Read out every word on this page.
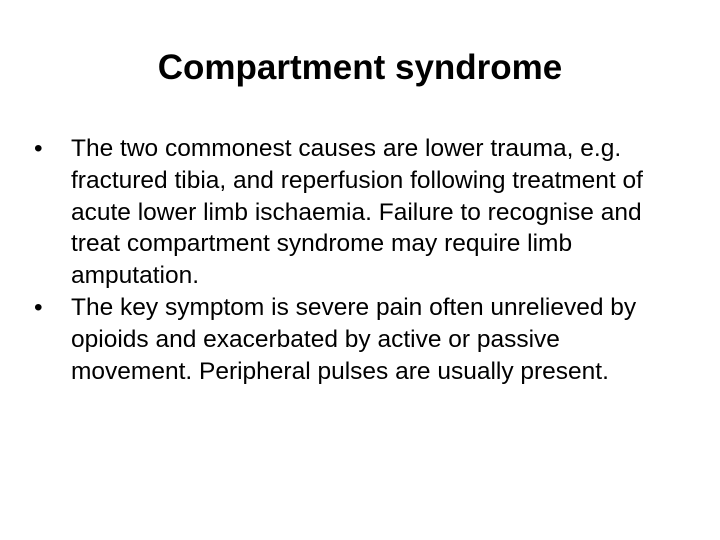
Compartment syndrome
•	The two commonest causes are lower trauma, e.g. fractured tibia, and reperfusion following treatment of acute lower limb ischaemia. Failure to recognise and treat compartment syndrome may require limb amputation.
•	The key symptom is severe pain often unrelieved by opioids and exacerbated by active or passive movement. Peripheral pulses are usually present.
